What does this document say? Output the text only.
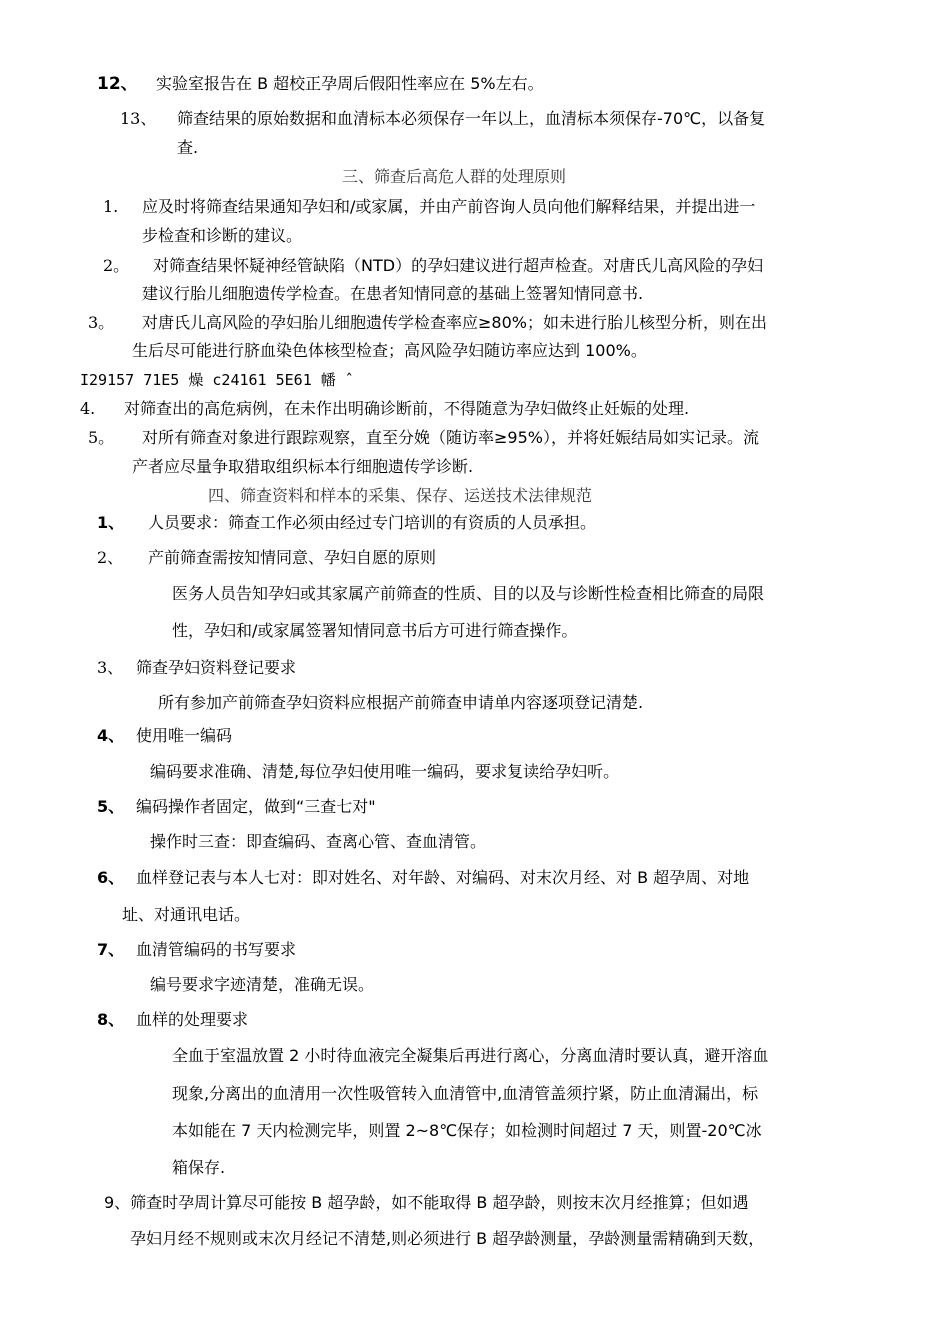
12、 实验室报告在 B 超校正孕周后假阳性率应在 5%左右。
13、 筛查结果的原始数据和血清标本必须保存一年以上，血清标本须保存-70℃，以备复
查.
三、筛查后高危人群的处理原则
1. 应及时将筛查结果通知孕妇和/或家属，并由产前咨询人员向他们解释结果，并提出进一
步检查和诊断的建议。
2。 对筛查结果怀疑神经管缺陷（NTD）的孕妇建议进行超声检查。对唐氏儿高风险的孕妇
建议行胎儿细胞遗传学检查。在患者知情同意的基础上签署知情同意书.
3。 对唐氏儿高风险的孕妇胎儿细胞遗传学检查率应≥80%；如未进行胎儿核型分析，则在出
生后尽可能进行脐血染色体核型检查；高风险孕妇随访率应达到 100%。
I29157 71E5 燥 c24161 5E61 幡 ˆ
4. 对筛查出的高危病例，在未作出明确诊断前，不得随意为孕妇做终止妊娠的处理.
5。 对所有筛查对象进行跟踪观察，直至分娩（随访率≥95%），并将妊娠结局如实记录。流
产者应尽量争取猎取组织标本行细胞遗传学诊断.
四、筛查资料和样本的采集、保存、运送技术法律规范
1、 人员要求：筛查工作必须由经过专门培训的有资质的人员承担。
2、 产前筛查需按知情同意、孕妇自愿的原则
医务人员告知孕妇或其家属产前筛查的性质、目的以及与诊断性检查相比筛查的局限
性，孕妇和/或家属签署知情同意书后方可进行筛查操作。
3、 筛查孕妇资料登记要求
所有参加产前筛查孕妇资料应根据产前筛查申请单内容逐项登记清楚.
4、 使用唯一编码
编码要求准确、清楚,每位孕妇使用唯一编码，要求复读给孕妇听。
5、 编码操作者固定，做到“三查七对"
操作时三查：即查编码、查离心管、查血清管。
6、 血样登记表与本人七对：即对姓名、对年龄、对编码、对末次月经、对 B 超孕周、对地
址、对通讯电话。
7、 血清管编码的书写要求
编号要求字迹清楚，准确无误。
8、 血样的处理要求
全血于室温放置 2 小时待血液完全凝集后再进行离心，分离血清时要认真，避开溶血
现象,分离出的血清用一次性吸管转入血清管中,血清管盖须拧紧，防止血清漏出，标
本如能在 7 天内检测完毕，则置 2~8℃保存；如检测时间超过 7 天，则置-20℃冰
箱保存.
9、筛查时孕周计算尽可能按 B 超孕龄，如不能取得 B 超孕龄，则按末次月经推算；但如遇
孕妇月经不规则或末次月经记不清楚,则必须进行 B 超孕龄测量，孕龄测量需精确到天数，
